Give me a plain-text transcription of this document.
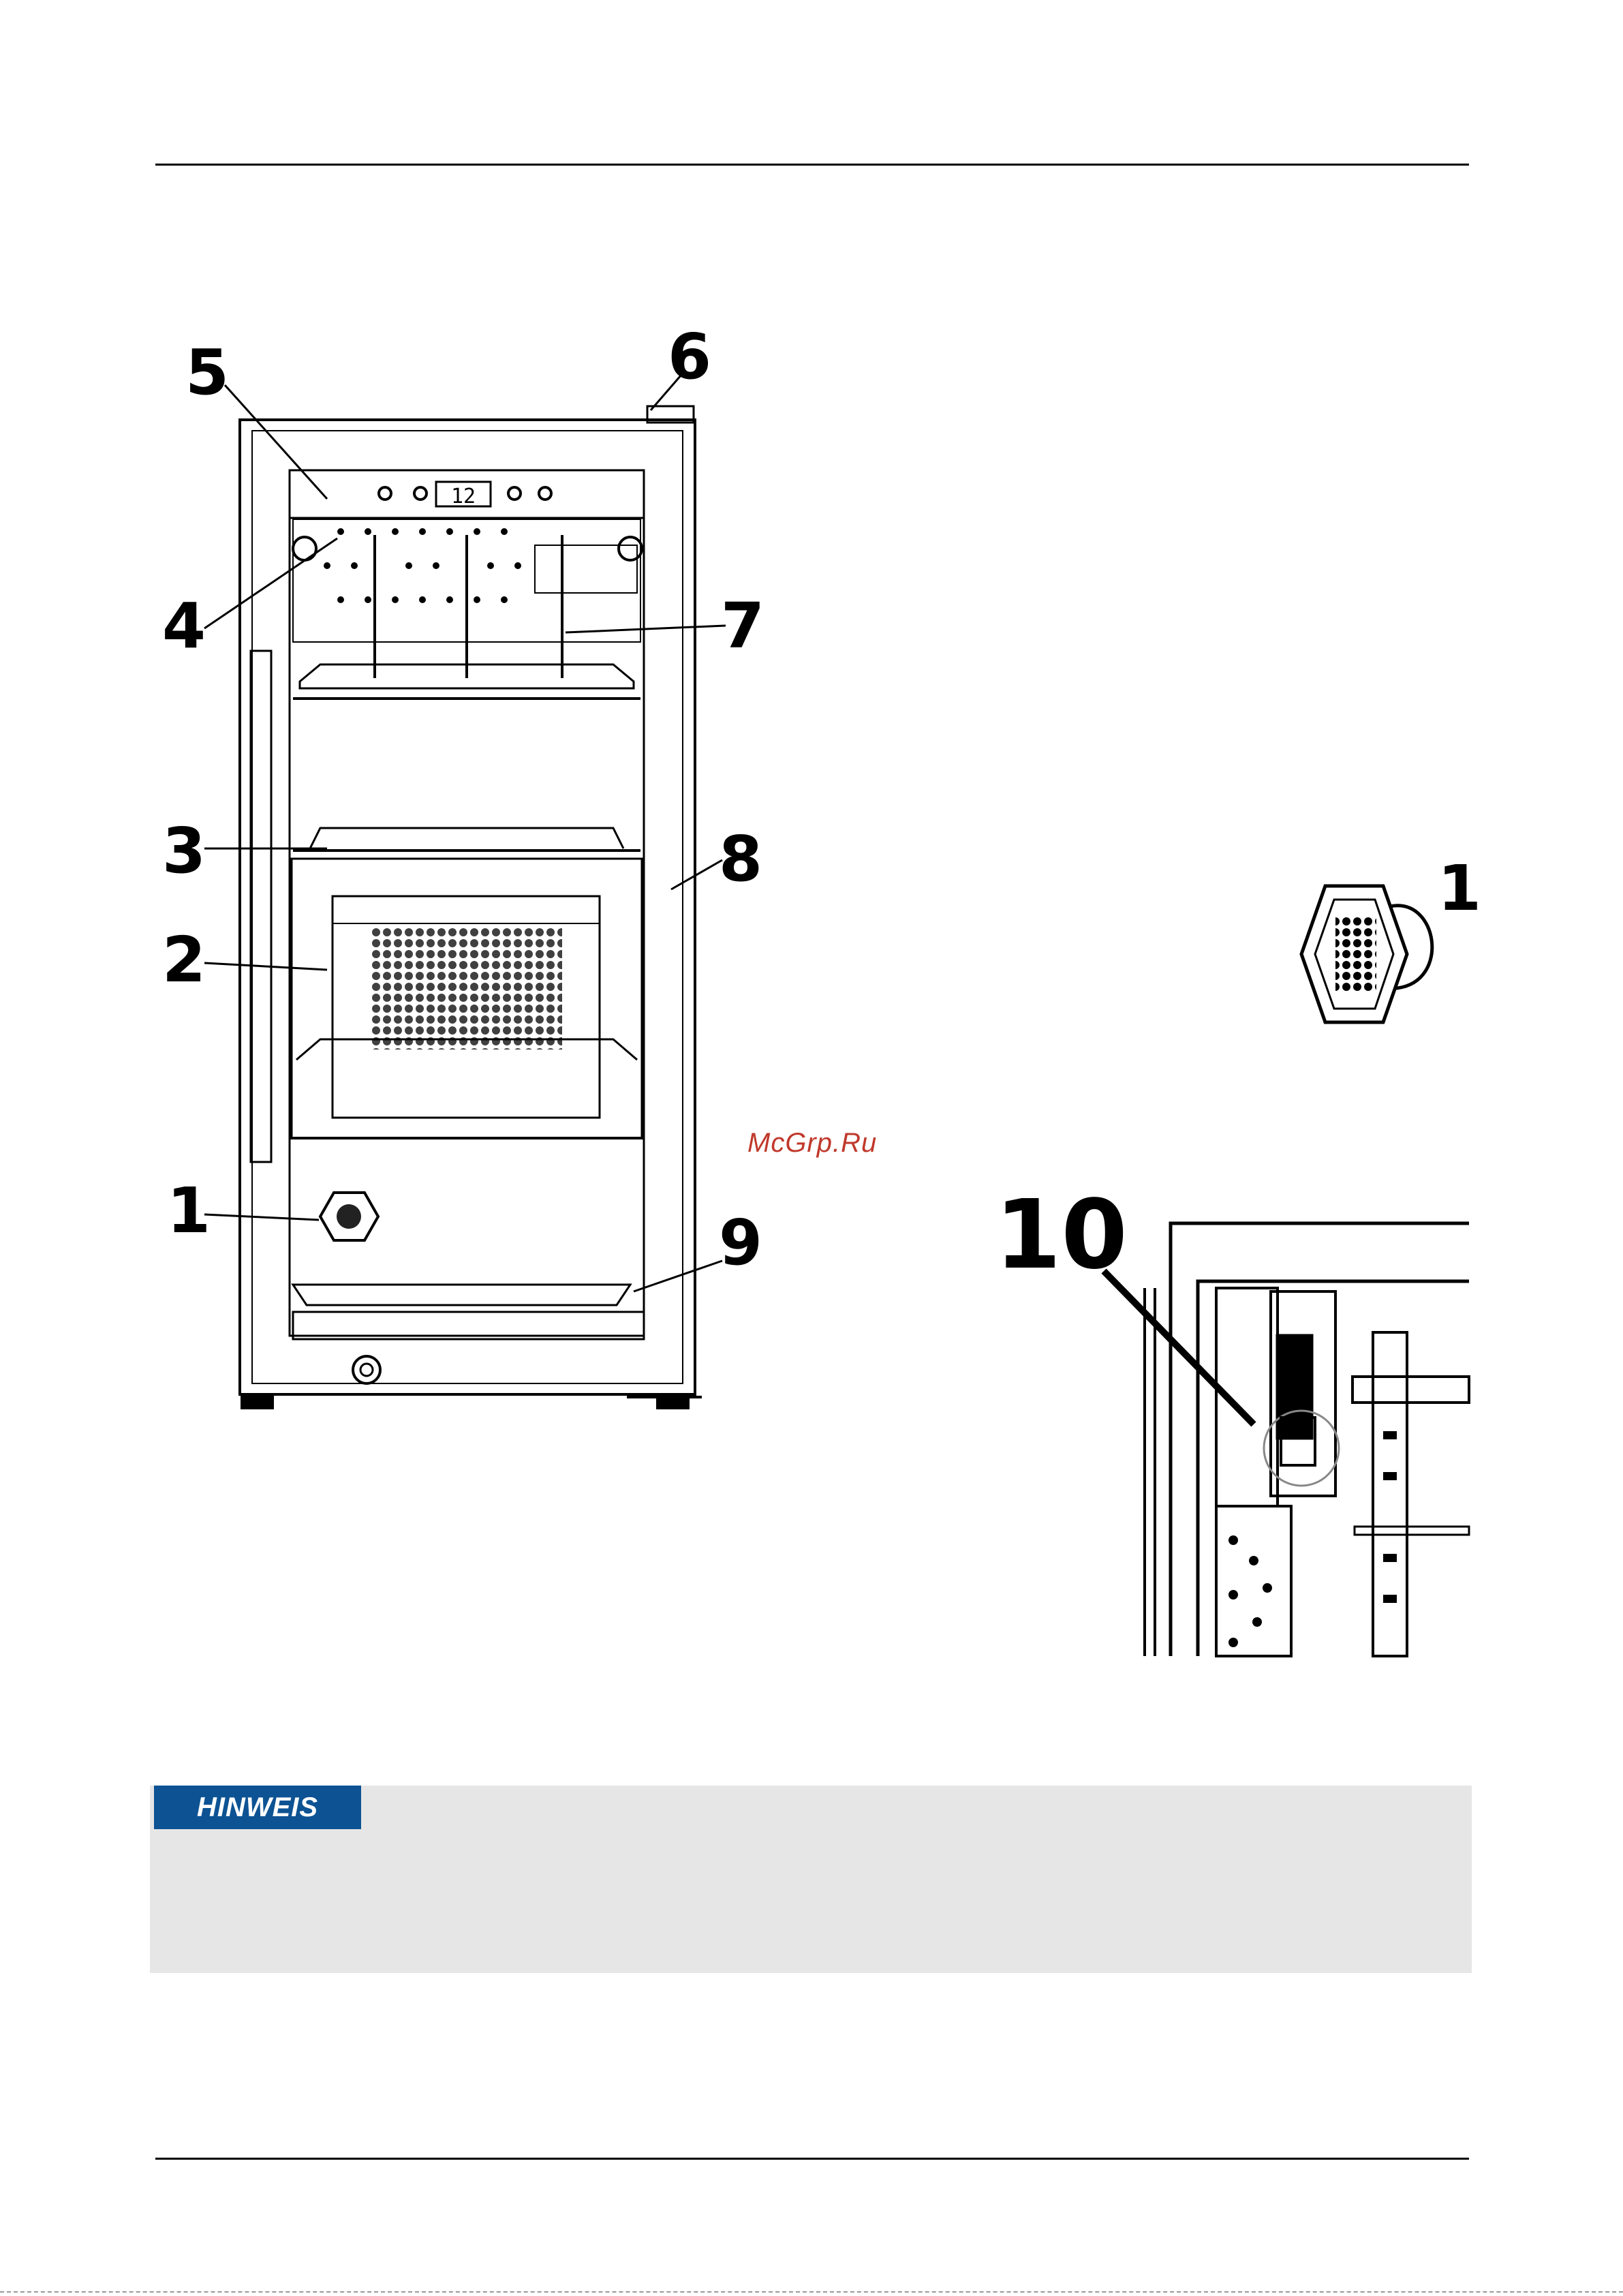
12
5	6
4	7
3	8
2
1	9
1
10
McGrp.Ru
HINWEIS
